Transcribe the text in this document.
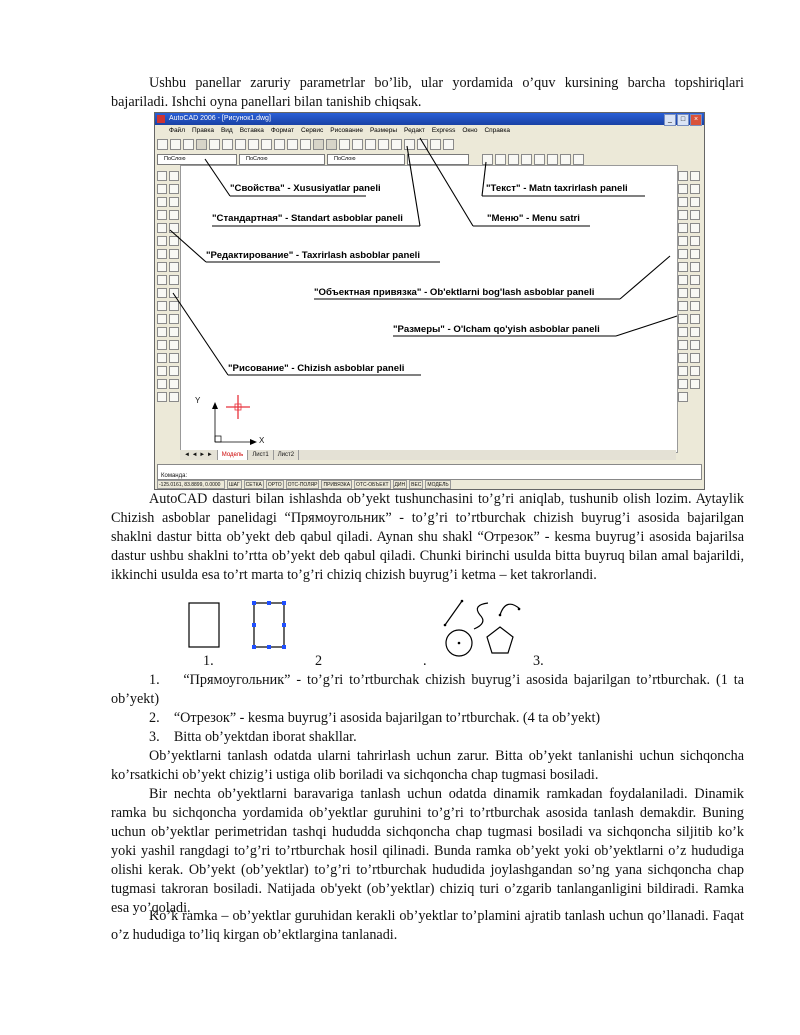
Ushbu panellar zaruriy parametrlar bo’lib, ular yordamida o’quv kursining barcha topshiriqlari bajariladi. Ishchi oyna panellari bilan tanishib chiqsak.

AutoCAD 2006 - [Рисунок1.dwg]	_	□	×
Файл Правка Вид Вставка Формат Сервис Рисование Размеры Редакт Express Окно Справка
ПоСлою	ПоСлою	ПоСлою
Y
X
◄ ◄ ► ► Модель Лист1 Лист2
Команда:
-125.0161, 83.8899, 0.0000	ШАГ	СЕТКА	ОРТО	ОТС-ПОЛЯР	ПРИВЯЗКА	ОТС-ОБЪЕКТ	ДИН	ВЕС	МОДЕЛЬ
"Свойства" - Xususiyatlar paneli
"Стандартная" - Standart asboblar paneli
"Редактирование" - Taxrirlash asboblar paneli
"Объектная привязка" - Ob'ektlarni bog'lash asboblar paneli
"Размеры" - O'lcham qo'yish asboblar paneli
"Рисование" - Chizish asboblar paneli
"Текст" - Matn taxrirlash paneli
"Меню" - Menu satri

AutoCAD dasturi bilan ishlashda ob’yekt tushunchasini to’g’ri aniqlab, tushunib olish lozim. Aytaylik Chizish asboblar panelidagi “Прямоугольник” - to’g’ri to’rtburchak chizish buyrug’i asosida bajarilgan shaklni dastur bitta ob’yekt deb qabul qiladi. Aynan shu shakl “Отрезок” - kesma buyrug’i asosida bajarilsa dastur ushbu shaklni to’rtta ob’yekt deb qabul qiladi. Chunki birinchi usulda bitta buyruq bilan amal bajarildi, ikkinchi usulda esa to’rt marta to’g’ri chiziq chizish buyrug’i ketma – ket takrorlandi.

1.	2	.	3.

1. “Прямоугольник” - to’g’ri to’rtburchak chizish buyrug’i asosida bajarilgan to’rtburchak. (1 ta ob’yekt)

2. “Отрезок” - kesma buyrug’i asosida bajarilgan to’rtburchak. (4 ta ob’yekt)

3. Bitta ob’yektdan iborat shakllar.

Ob’yektlarni tanlash odatda ularni tahrirlash uchun zarur. Bitta ob’yekt tanlanishi uchun sichqoncha ko’rsatkichi ob’yekt chizig’i ustiga olib boriladi va sichqoncha chap tugmasi bosiladi.

Bir nechta ob’yektlarni baravariga tanlash uchun odatda dinamik ramkadan foydalaniladi. Dinamik ramka bu sichqoncha yordamida ob’yektlar guruhini to’g’ri to’rtburchak asosida tanlash demakdir. Buning uchun ob’yektlar perimetridan tashqi hududda sichqoncha chap tugmasi bosiladi va sichqoncha siljitib ko’k yoki yashil rangdagi to’g’ri to’rtburchak hosil qilinadi. Bunda ramka ob’yekt yoki ob’yektlarni o’z hududiga olishi kerak. Ob’yekt (ob’yektlar) to’g’ri to’rtburchak hududida joylashgandan so’ng yana sichqoncha chap tugmasi takroran bosiladi. Natijada ob'yekt (ob’yektlar) chiziq turi o’zgarib tanlanganligini bildiradi. Ramka esa yo’qoladi.

Ko’k ramka – ob’yektlar guruhidan kerakli ob’yektlar to’plamini ajratib tanlash uchun qo’llanadi. Faqat o’z hududiga to’liq kirgan ob’ektlargina tanlanadi.
